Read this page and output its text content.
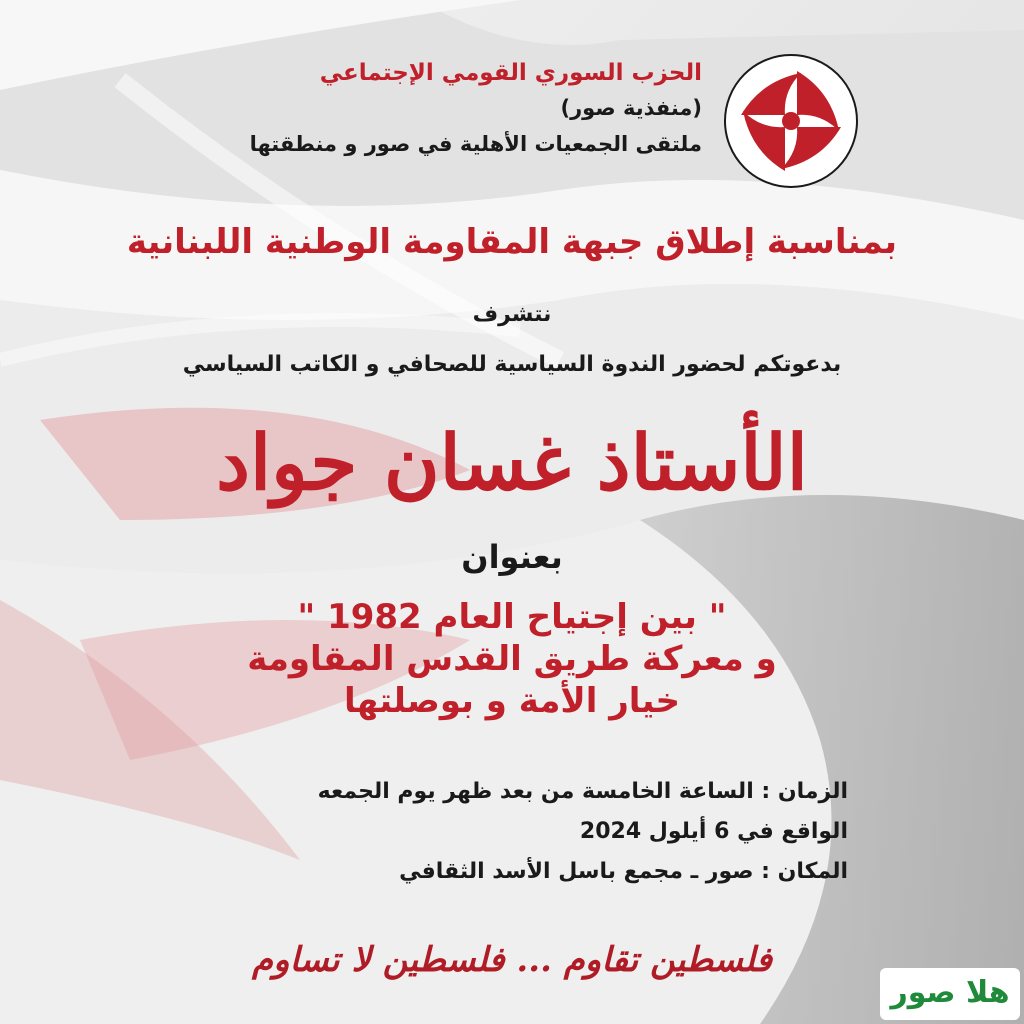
الحزب السوري القومي الإجتماعي
(منفذية صور)
ملتقى الجمعيات الأهلية في صور و منطقتها
بمناسبة إطلاق جبهة المقاومة الوطنية اللبنانية
نتشرف
بدعوتكم لحضور الندوة السياسية للصحافي و الكاتب السياسي
الأستاذ غسان جواد
بعنوان
" بين إجتياح العام 1982 "
و معركة طريق القدس المقاومة
خيار الأمة و بوصلتها
الزمان : الساعة الخامسة من بعد ظهر يوم الجمعه
الواقع في 6 أيلول 2024
المكان : صور ـ مجمع باسل الأسد الثقافي
فلسطين تقاوم ... فلسطين لا تساوم
هلا صور
